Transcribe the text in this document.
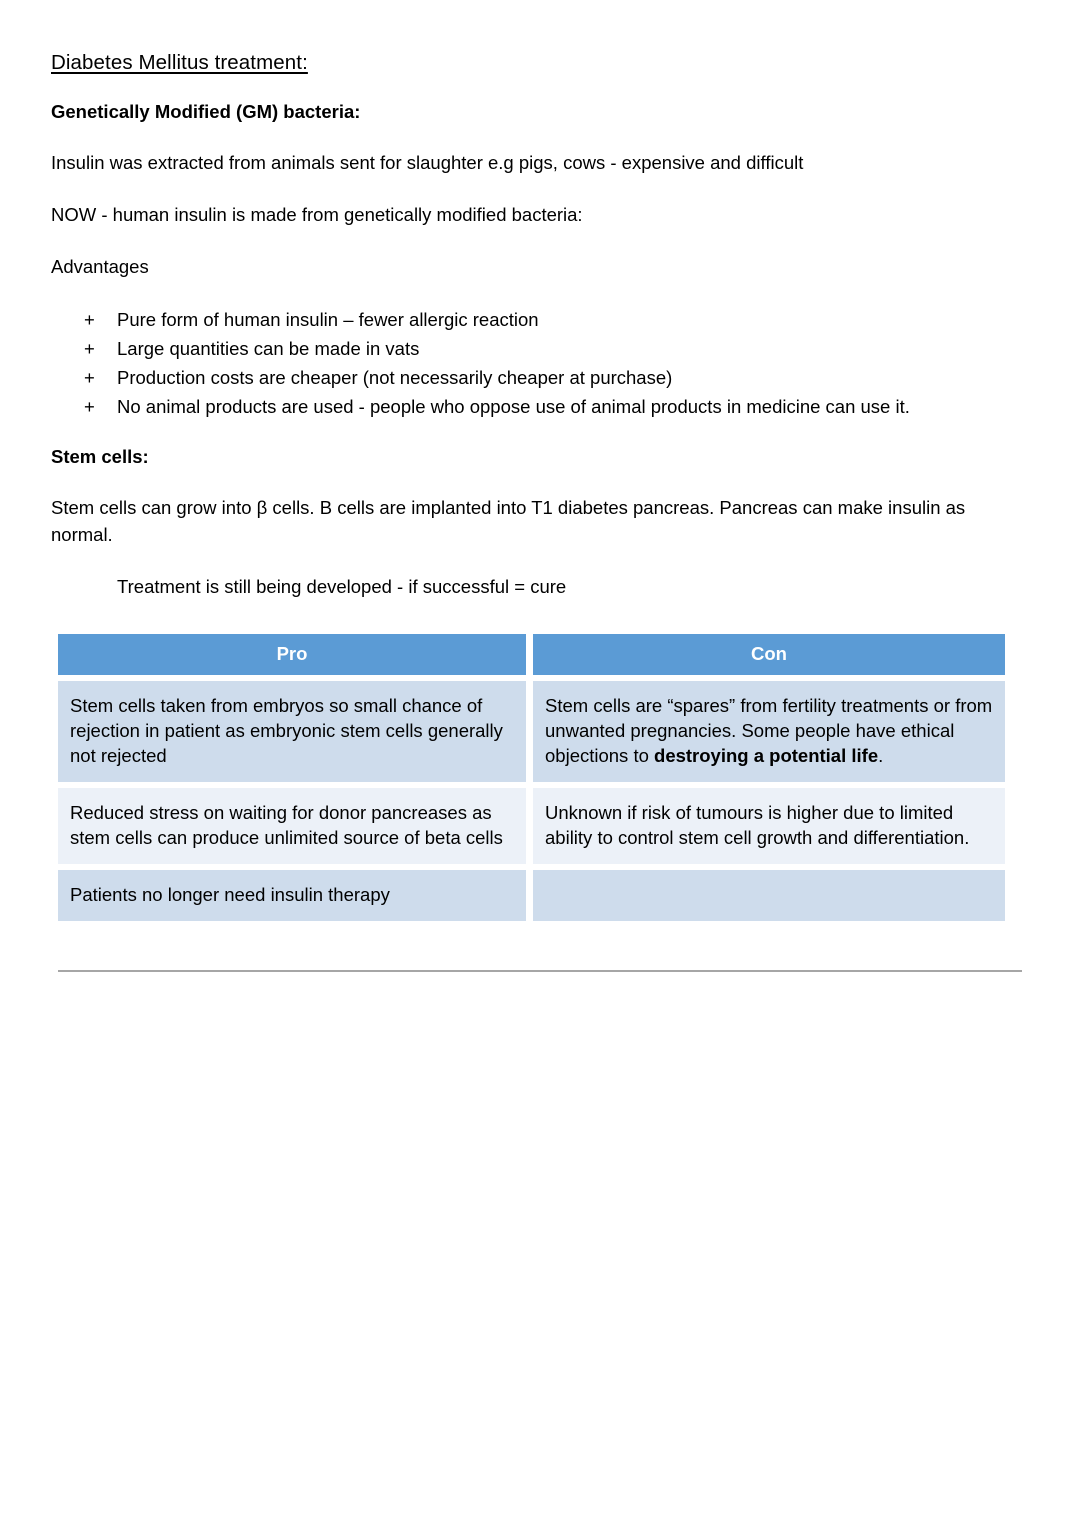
Diabetes Mellitus treatment:
Genetically Modified (GM) bacteria:
Insulin was extracted from animals sent for slaughter e.g pigs, cows - expensive and difficult
NOW - human insulin is made from genetically modified bacteria:
Advantages
+ Pure form of human insulin – fewer allergic reaction
+ Large quantities can be made in vats
+ Production costs are cheaper (not necessarily cheaper at purchase)
+ No animal products are used - people who oppose use of animal products in medicine can use it.
Stem cells:
Stem cells can grow into β cells. B cells are implanted into T1 diabetes pancreas. Pancreas can make insulin as normal.
Treatment is still being developed - if successful = cure
Pro	Con
Stem cells taken from embryos so small chance of rejection in patient as embryonic stem cells generally not rejected	Stem cells are “spares” from fertility treatments or from unwanted pregnancies. Some people have ethical objections to destroying a potential life.
Reduced stress on waiting for donor pancreases as stem cells can produce unlimited source of beta cells	Unknown if risk of tumours is higher due to limited ability to control stem cell growth and differentiation.
Patients no longer need insulin therapy	
